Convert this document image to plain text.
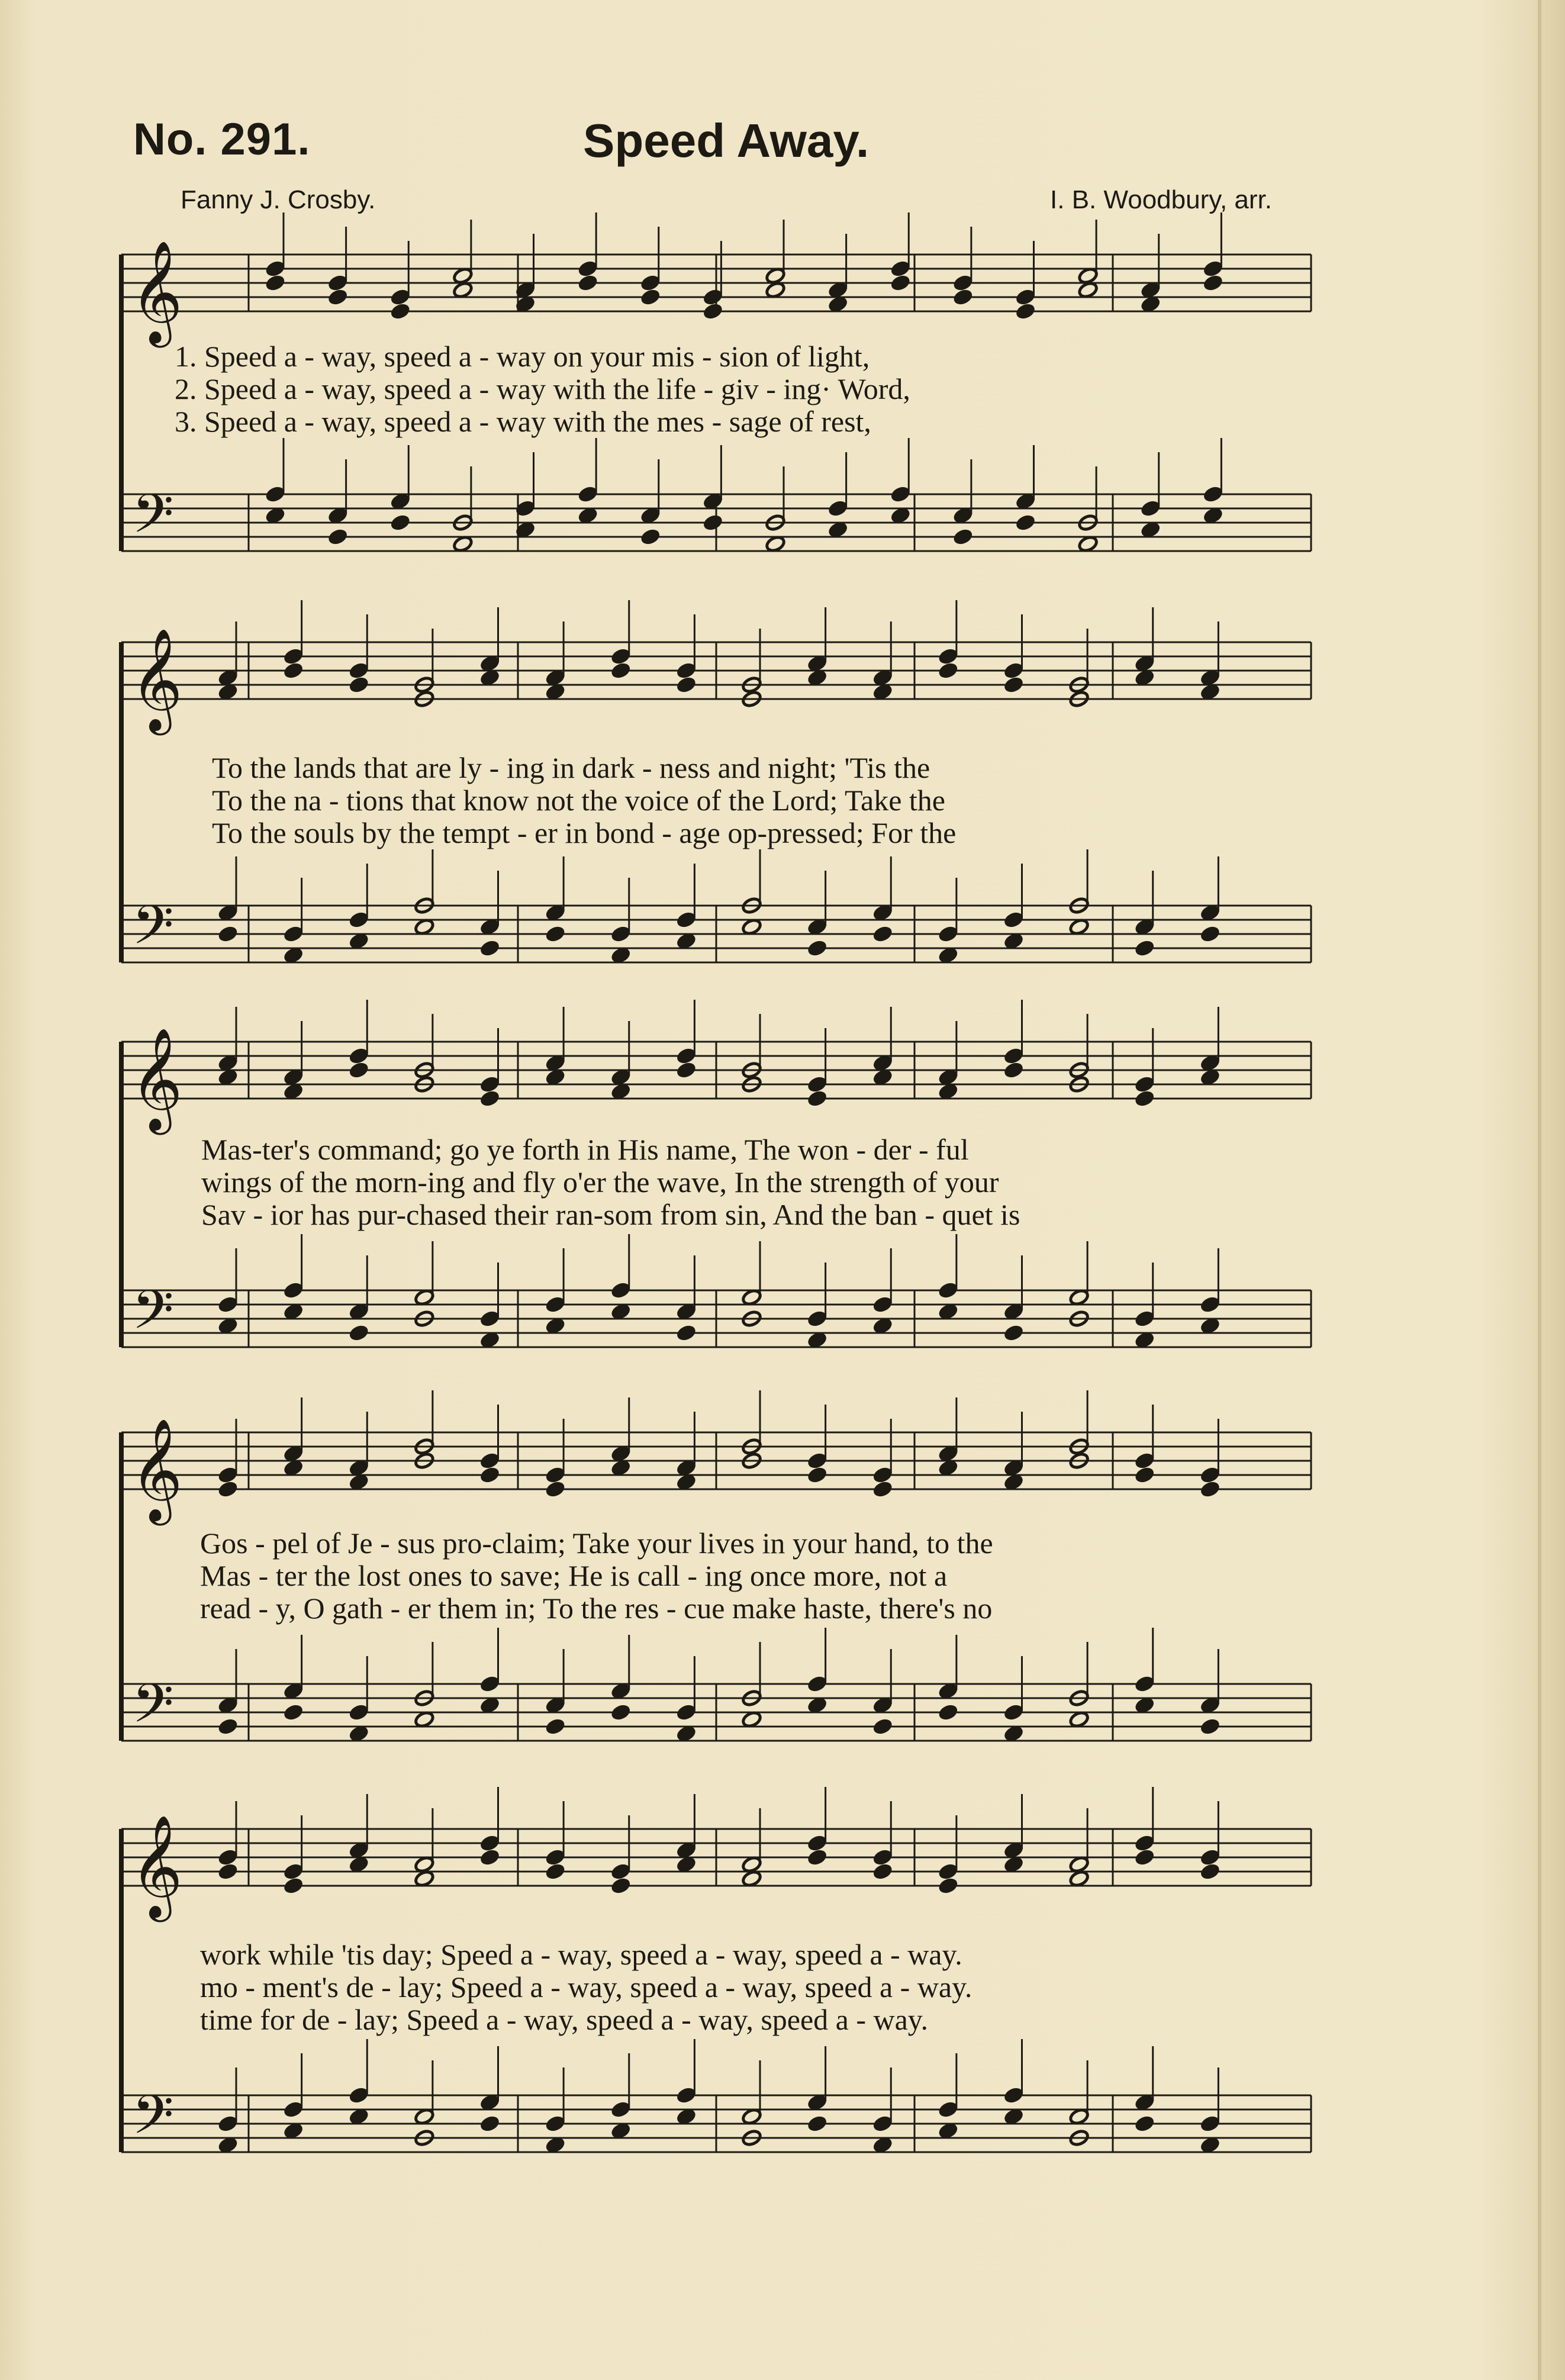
No. 291.	Speed Away.
Fanny J. Crosby.	I. B. Woodbury, arr.
𝄞
𝄢
𝄞
𝄢
𝄞
𝄢
𝄞
𝄢
𝄞
𝄢
1. Speed a - way, speed a - way on your mis - sion of light,
2. Speed a - way, speed a - way with the life - giv - ing· Word,
3. Speed a - way, speed a - way with the mes - sage of rest,
To the lands that are ly - ing in dark - ness and night; 'Tis the
To the na - tions that know not the voice of the Lord; Take the
To the souls by the tempt - er in bond - age op-pressed; For the
Mas-ter's command; go ye forth in His name, The won - der - ful
wings of the morn-ing and fly o'er the wave, In the strength of your
Sav - ior has pur-chased their ran-som from sin, And the ban - quet is
Gos - pel of Je - sus pro-claim; Take your lives in your hand, to the
Mas - ter the lost ones to save; He is call - ing once more, not a
read - y, O gath - er them in; To the res - cue make haste, there's no
work while 'tis day; Speed a - way, speed a - way, speed a - way.
mo - ment's de - lay; Speed a - way, speed a - way, speed a - way.
time for de - lay; Speed a - way, speed a - way, speed a - way.
